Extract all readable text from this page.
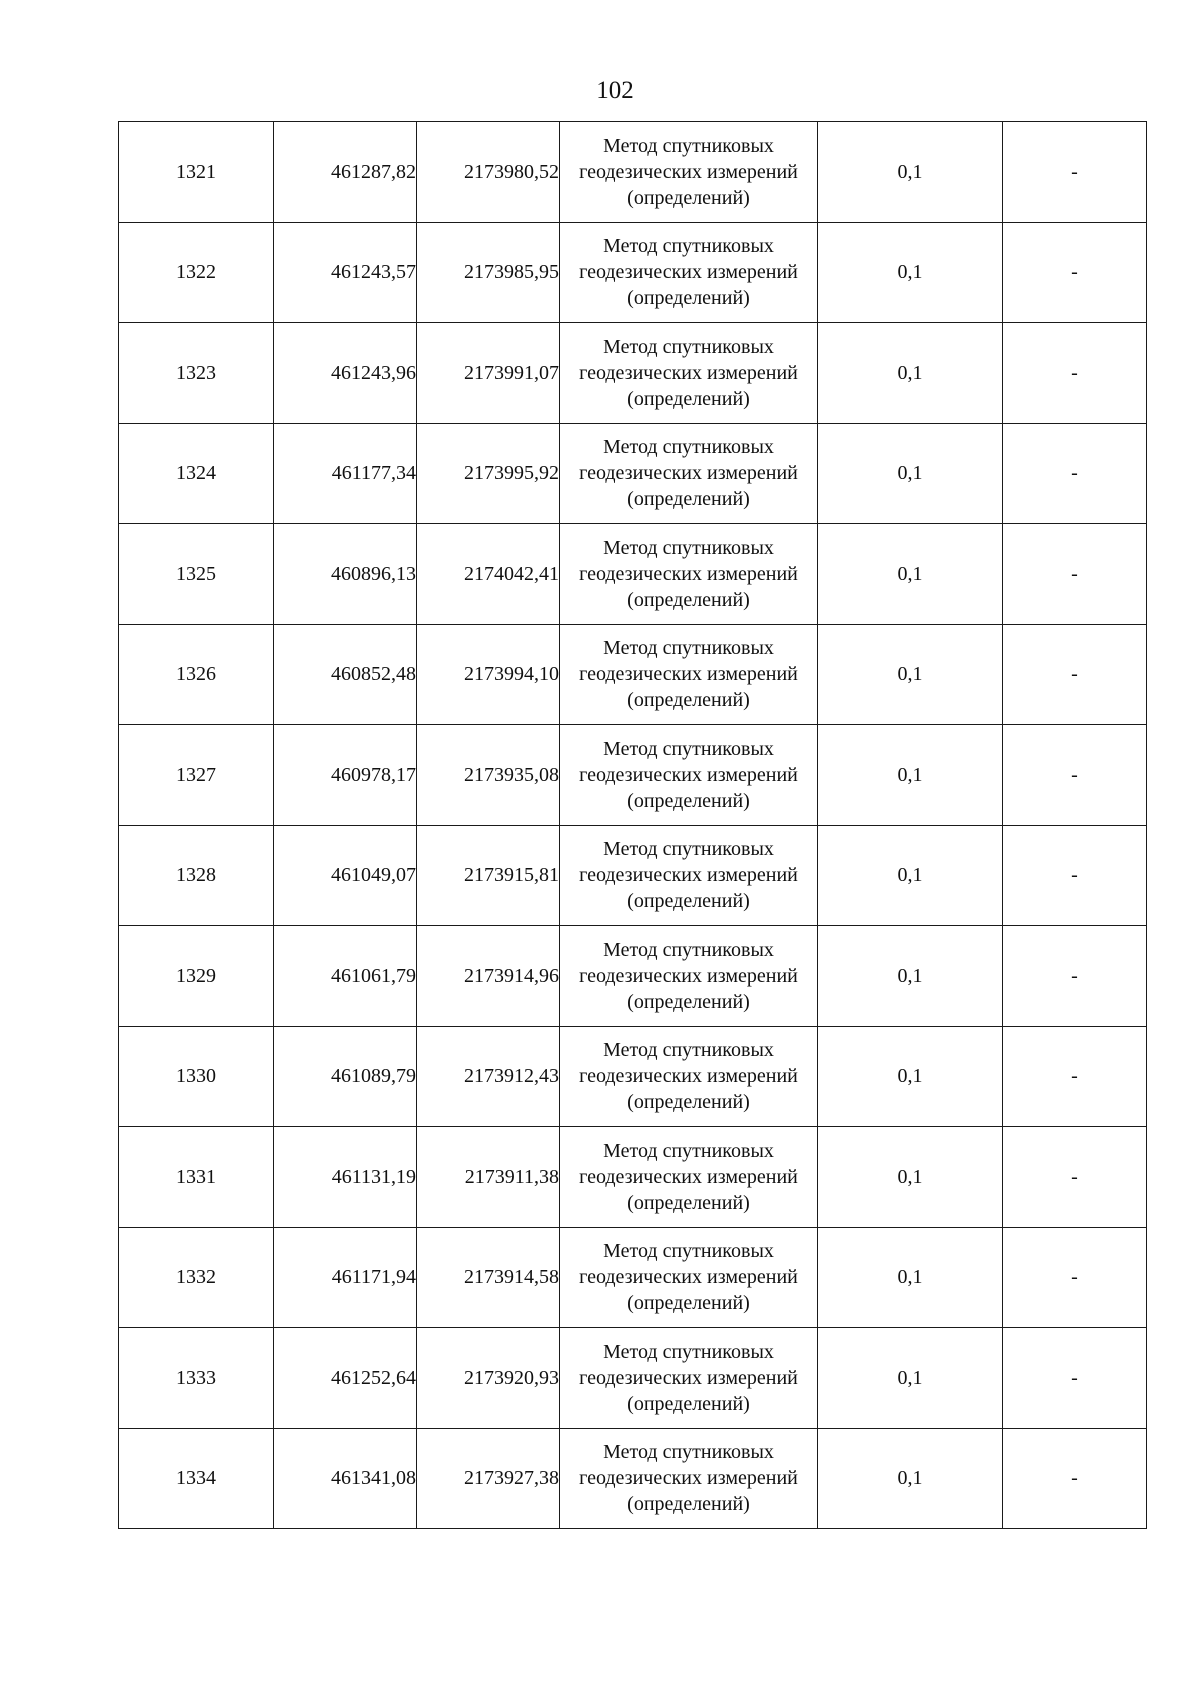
102
1321	461287,82	2173980,52	Метод спутниковых
геодезических измерений
(определений)	0,1	-
1322	461243,57	2173985,95	Метод спутниковых
геодезических измерений
(определений)	0,1	-
1323	461243,96	2173991,07	Метод спутниковых
геодезических измерений
(определений)	0,1	-
1324	461177,34	2173995,92	Метод спутниковых
геодезических измерений
(определений)	0,1	-
1325	460896,13	2174042,41	Метод спутниковых
геодезических измерений
(определений)	0,1	-
1326	460852,48	2173994,10	Метод спутниковых
геодезических измерений
(определений)	0,1	-
1327	460978,17	2173935,08	Метод спутниковых
геодезических измерений
(определений)	0,1	-
1328	461049,07	2173915,81	Метод спутниковых
геодезических измерений
(определений)	0,1	-
1329	461061,79	2173914,96	Метод спутниковых
геодезических измерений
(определений)	0,1	-
1330	461089,79	2173912,43	Метод спутниковых
геодезических измерений
(определений)	0,1	-
1331	461131,19	2173911,38	Метод спутниковых
геодезических измерений
(определений)	0,1	-
1332	461171,94	2173914,58	Метод спутниковых
геодезических измерений
(определений)	0,1	-
1333	461252,64	2173920,93	Метод спутниковых
геодезических измерений
(определений)	0,1	-
1334	461341,08	2173927,38	Метод спутниковых
геодезических измерений
(определений)	0,1	-
